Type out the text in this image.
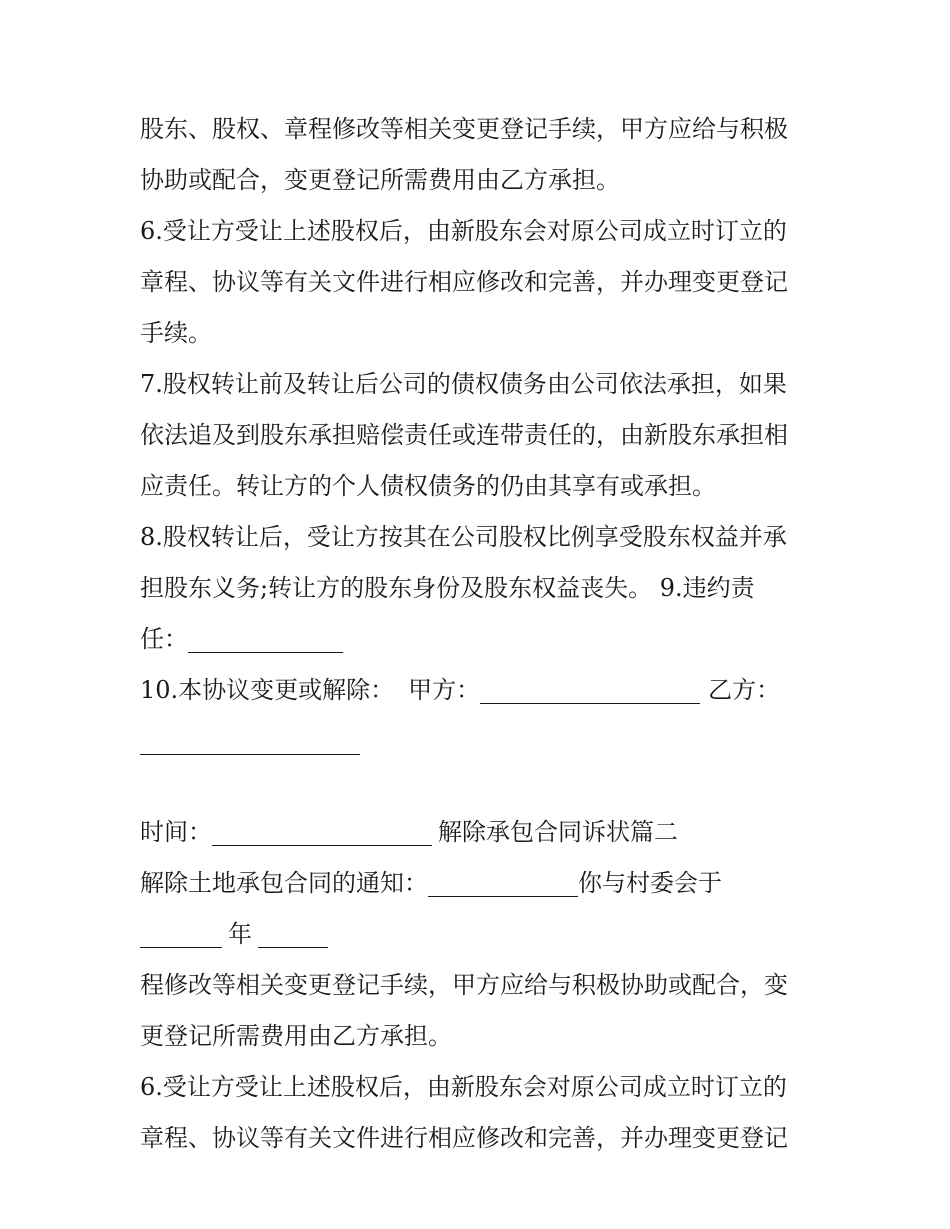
股东、股权、章程修改等相关变更登记手续，甲方应给与积极
协助或配合，变更登记所需费用由乙方承担。
6.受让方受让上述股权后，由新股东会对原公司成立时订立的
章程、协议等有关文件进行相应修改和完善，并办理变更登记
手续。
7.股权转让前及转让后公司的债权债务由公司依法承担，如果
依法追及到股东承担赔偿责任或连带责任的，由新股东承担相
应责任。转让方的个人债权债务的仍由其享有或承担。
8.股权转让后，受让方按其在公司股权比例享受股东权益并承
担股东义务;转让方的股东身份及股东权益丧失。 9.违约责
任：
10.本协议变更或解除： 甲方：	乙方：
时间：	解除承包合同诉状篇二
解除土地承包合同的通知：	你与村委会于
年
程修改等相关变更登记手续，甲方应给与积极协助或配合，变
更登记所需费用由乙方承担。
6.受让方受让上述股权后，由新股东会对原公司成立时订立的
章程、协议等有关文件进行相应修改和完善，并办理变更登记
